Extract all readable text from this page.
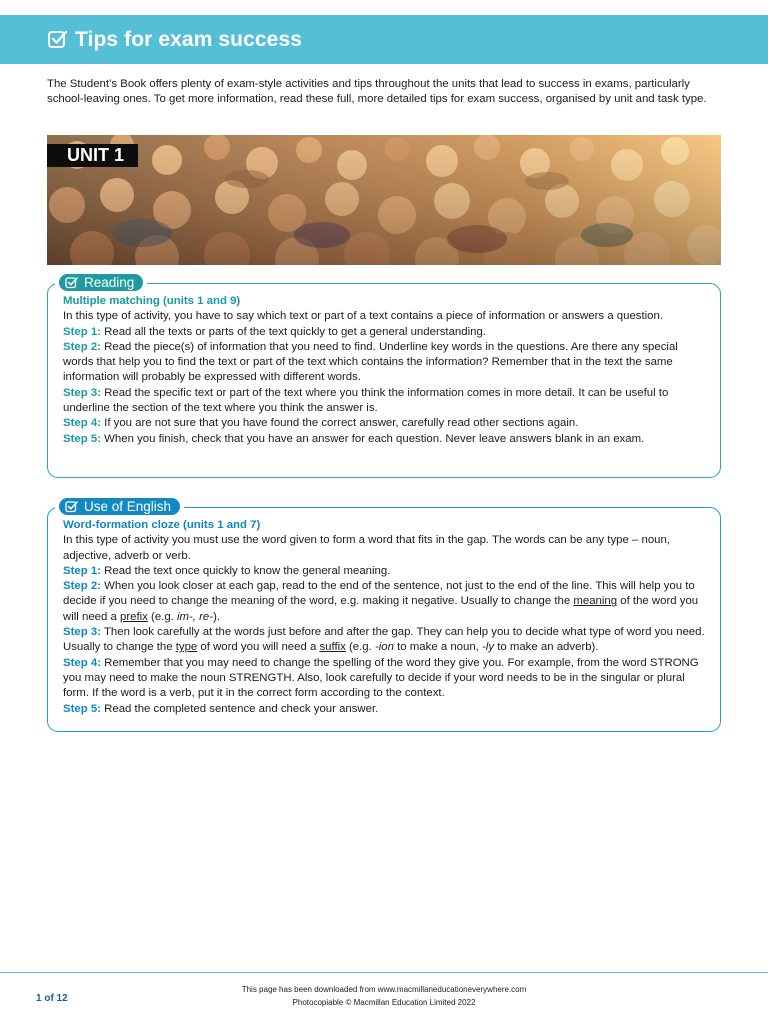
Tips for exam success
The Student’s Book offers plenty of exam-style activities and tips throughout the units that lead to success in exams, particularly school-leaving ones. To get more information, read these full, more detailed tips for exam success, organised by unit and task type.
UNIT 1
Reading
Multiple matching (units 1 and 9)
In this type of activity, you have to say which text or part of a text contains a piece of information or answers a question.
Step 1: Read all the texts or parts of the text quickly to get a general understanding.
Step 2: Read the piece(s) of information that you need to find. Underline key words in the questions. Are there any special words that help you to find the text or part of the text which contains the information? Remember that in the text the same information will probably be expressed with different words.
Step 3: Read the specific text or part of the text where you think the information comes in more detail. It can be useful to underline the section of the text where you think the answer is.
Step 4: If you are not sure that you have found the correct answer, carefully read other sections again.
Step 5: When you finish, check that you have an answer for each question. Never leave answers blank in an exam.
Use of English
Word-formation cloze (units 1 and 7)
In this type of activity you must use the word given to form a word that fits in the gap. The words can be any type – noun, adjective, adverb or verb.
Step 1: Read the text once quickly to know the general meaning.
Step 2: When you look closer at each gap, read to the end of the sentence, not just to the end of the line. This will help you to decide if you need to change the meaning of the word, e.g. making it negative. Usually to change the meaning of the word you will need a prefix (e.g. im-, re-).
Step 3: Then look carefully at the words just before and after the gap. They can help you to decide what type of word you need. Usually to change the type of word you will need a suffix (e.g. -ion to make a noun, -ly to make an adverb).
Step 4: Remember that you may need to change the spelling of the word they give you. For example, from the word STRONG you may need to make the noun STRENGTH. Also, look carefully to decide if your word needs to be in the singular or plural form. If the word is a verb, put it in the correct form according to the context.
Step 5: Read the completed sentence and check your answer.
1 of 12
This page has been downloaded from www.macmillaneducationeverywhere.com
Photocopiable © Macmillan Education Limited 2022
